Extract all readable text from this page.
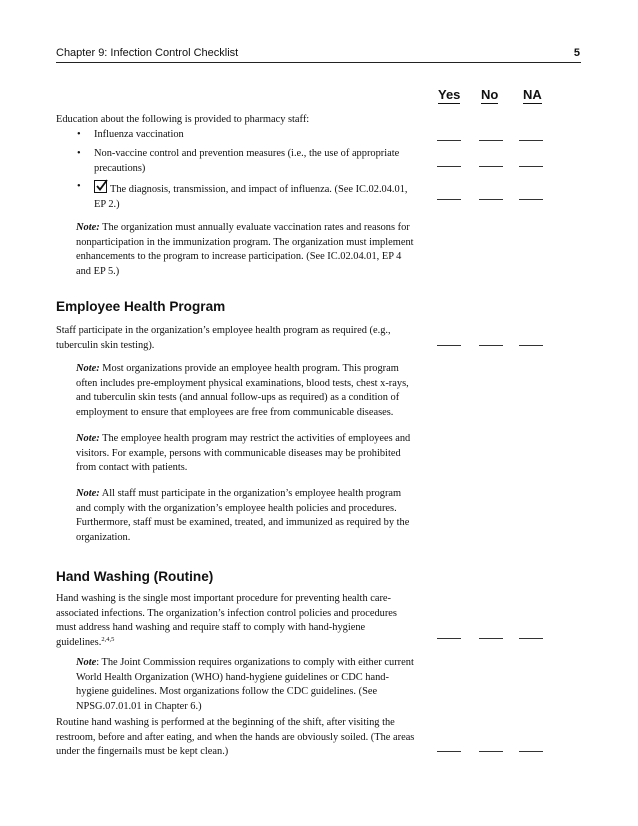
Chapter 9: Infection Control Checklist	5
Yes No NA
Education about the following is provided to pharmacy staff:
• Influenza vaccination
• Non-vaccine control and prevention measures (i.e., the use of appropriate precautions)
•	The diagnosis, transmission, and impact of influenza. (See IC.02.04.01, EP 2.)
Note: The organization must annually evaluate vaccination rates and reasons for nonparticipation in the immunization program. The organization must implement enhancements to the program to increase participation. (See IC.02.04.01, EP 4 and EP 5.)
Employee Health Program
Staff participate in the organization’s employee health program as required (e.g., tuberculin skin testing).
Note: Most organizations provide an employee health program. This program often includes pre-employment physical examinations, blood tests, chest x-rays, and tuberculin skin tests (and annual follow-ups as required) as a condition of employment to ensure that employees are free from communicable diseases.
Note: The employee health program may restrict the activities of employees and visitors. For example, persons with communicable diseases may be prohibited from contact with patients.
Note: All staff must participate in the organization’s employee health program and comply with the organization’s employee health policies and procedures. Furthermore, staff must be examined, treated, and immunized as required by the organization.
Hand Washing (Routine)
Hand washing is the single most important procedure for preventing health care-associated infections. The organization’s infection control policies and procedures must address hand washing and require staff to comply with hand-hygiene guidelines.$^{2,4,5}$
Note: The Joint Commission requires organizations to comply with either current World Health Organization (WHO) hand-hygiene guidelines or CDC hand-hygiene guidelines. Most organizations follow the CDC guidelines. (See NPSG.07.01.01 in Chapter 6.)
Routine hand washing is performed at the beginning of the shift, after visiting the restroom, before and after eating, and when the hands are obviously soiled. (The areas under the fingernails must be kept clean.)
